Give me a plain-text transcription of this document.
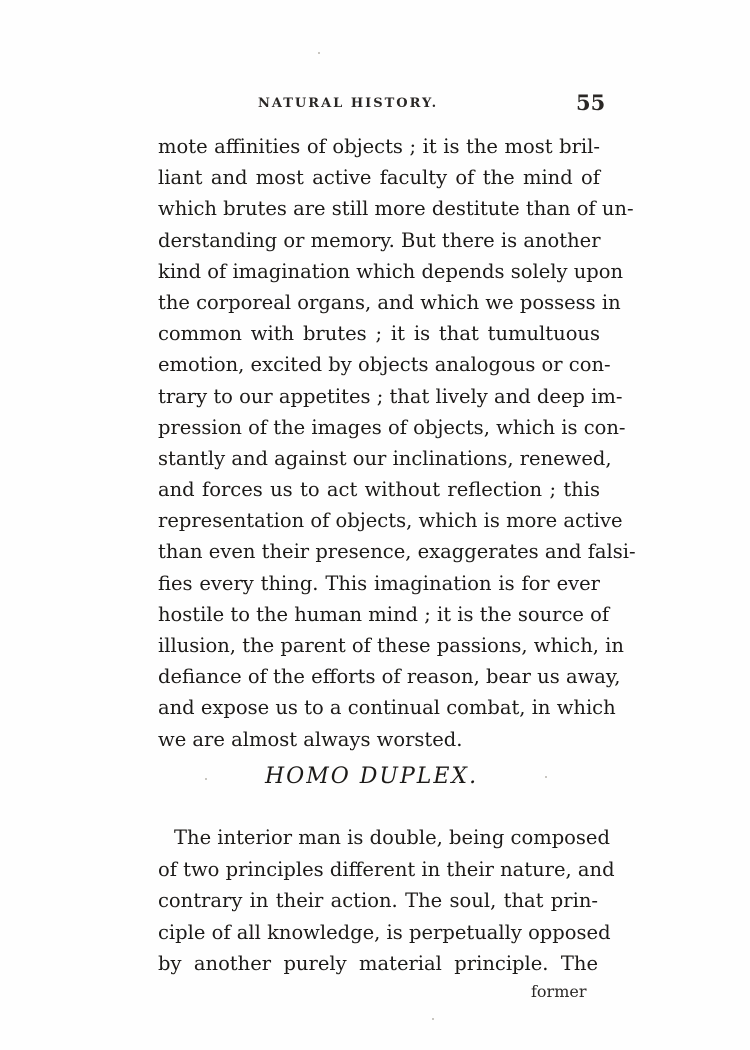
NATURAL HISTORY.	55
mote affinities of objects ; it is the most bril-
liant and most active faculty of the mind of
which brutes are still more destitute than of un-
derstanding or memory. But there is another
kind of imagination which depends solely upon
the corporeal organs, and which we possess in
common with brutes ; it is that tumultuous
emotion, excited by objects analogous or con-
trary to our appetites ; that lively and deep im-
pression of the images of objects, which is con-
stantly and against our inclinations, renewed,
and forces us to act without reflection ; this
representation of objects, which is more active
than even their presence, exaggerates and falsi-
fies every thing. This imagination is for ever
hostile to the human mind ; it is the source of
illusion, the parent of these passions, which, in
defiance of the efforts of reason, bear us away,
and expose us to a continual combat, in which
we are almost always worsted.
HOMO DUPLEX.
The interior man is double, being composed
of two principles different in their nature, and
contrary in their action. The soul, that prin-
ciple of all knowledge, is perpetually opposed
by another purely material principle. The
former
